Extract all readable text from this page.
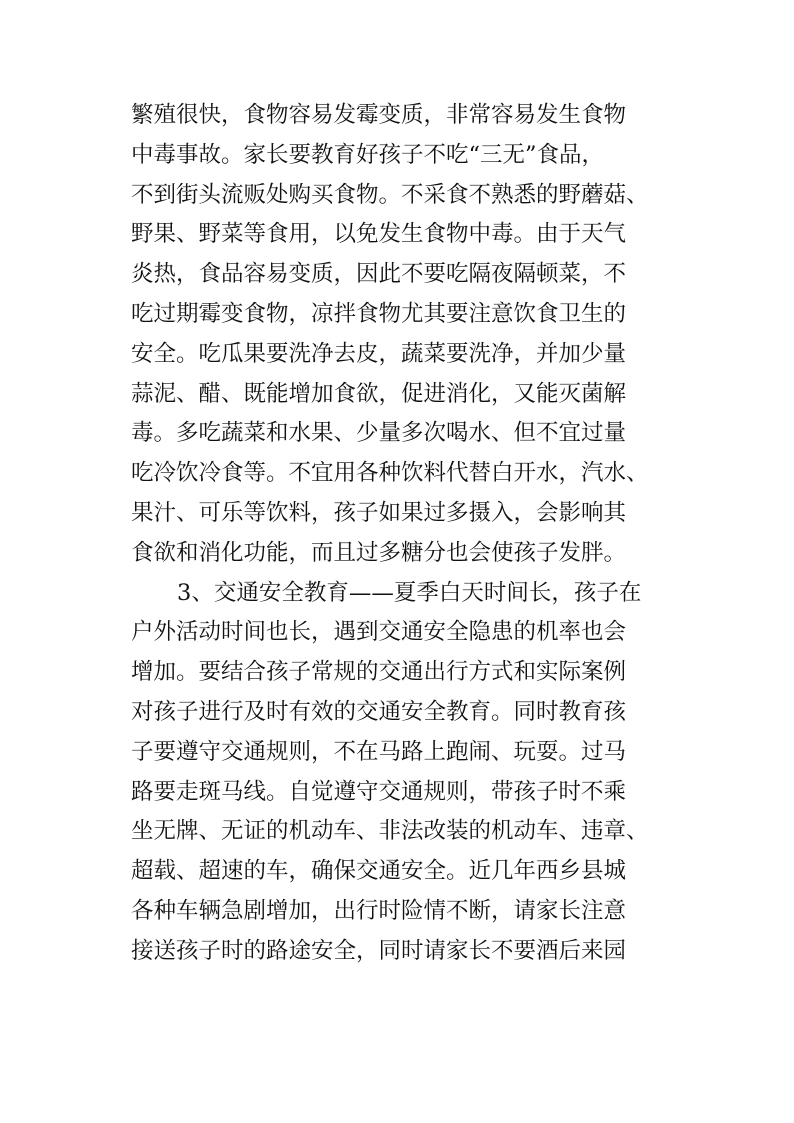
繁殖很快，食物容易发霉变质，非常容易发生食物
中毒事故。家长要教育好孩子不吃“三无”食品，
不到街头流贩处购买食物。不采食不熟悉的野蘑菇、
野果、野菜等食用，以免发生食物中毒。由于天气
炎热，食品容易变质，因此不要吃隔夜隔顿菜，不
吃过期霉变食物，凉拌食物尤其要注意饮食卫生的
安全。吃瓜果要洗净去皮，蔬菜要洗净，并加少量
蒜泥、醋、既能增加食欲，促进消化，又能灭菌解
毒。多吃蔬菜和水果、少量多次喝水、但不宜过量
吃冷饮冷食等。不宜用各种饮料代替白开水，汽水、
果汁、可乐等饮料，孩子如果过多摄入，会影响其
食欲和消化功能，而且过多糖分也会使孩子发胖。
3、交通安全教育——夏季白天时间长，孩子在
户外活动时间也长，遇到交通安全隐患的机率也会
增加。要结合孩子常规的交通出行方式和实际案例
对孩子进行及时有效的交通安全教育。同时教育孩
子要遵守交通规则，不在马路上跑闹、玩耍。过马
路要走斑马线。自觉遵守交通规则，带孩子时不乘
坐无牌、无证的机动车、非法改装的机动车、违章、
超载、超速的车，确保交通安全。近几年西乡县城
各种车辆急剧增加，出行时险情不断，请家长注意
接送孩子时的路途安全，同时请家长不要酒后来园
